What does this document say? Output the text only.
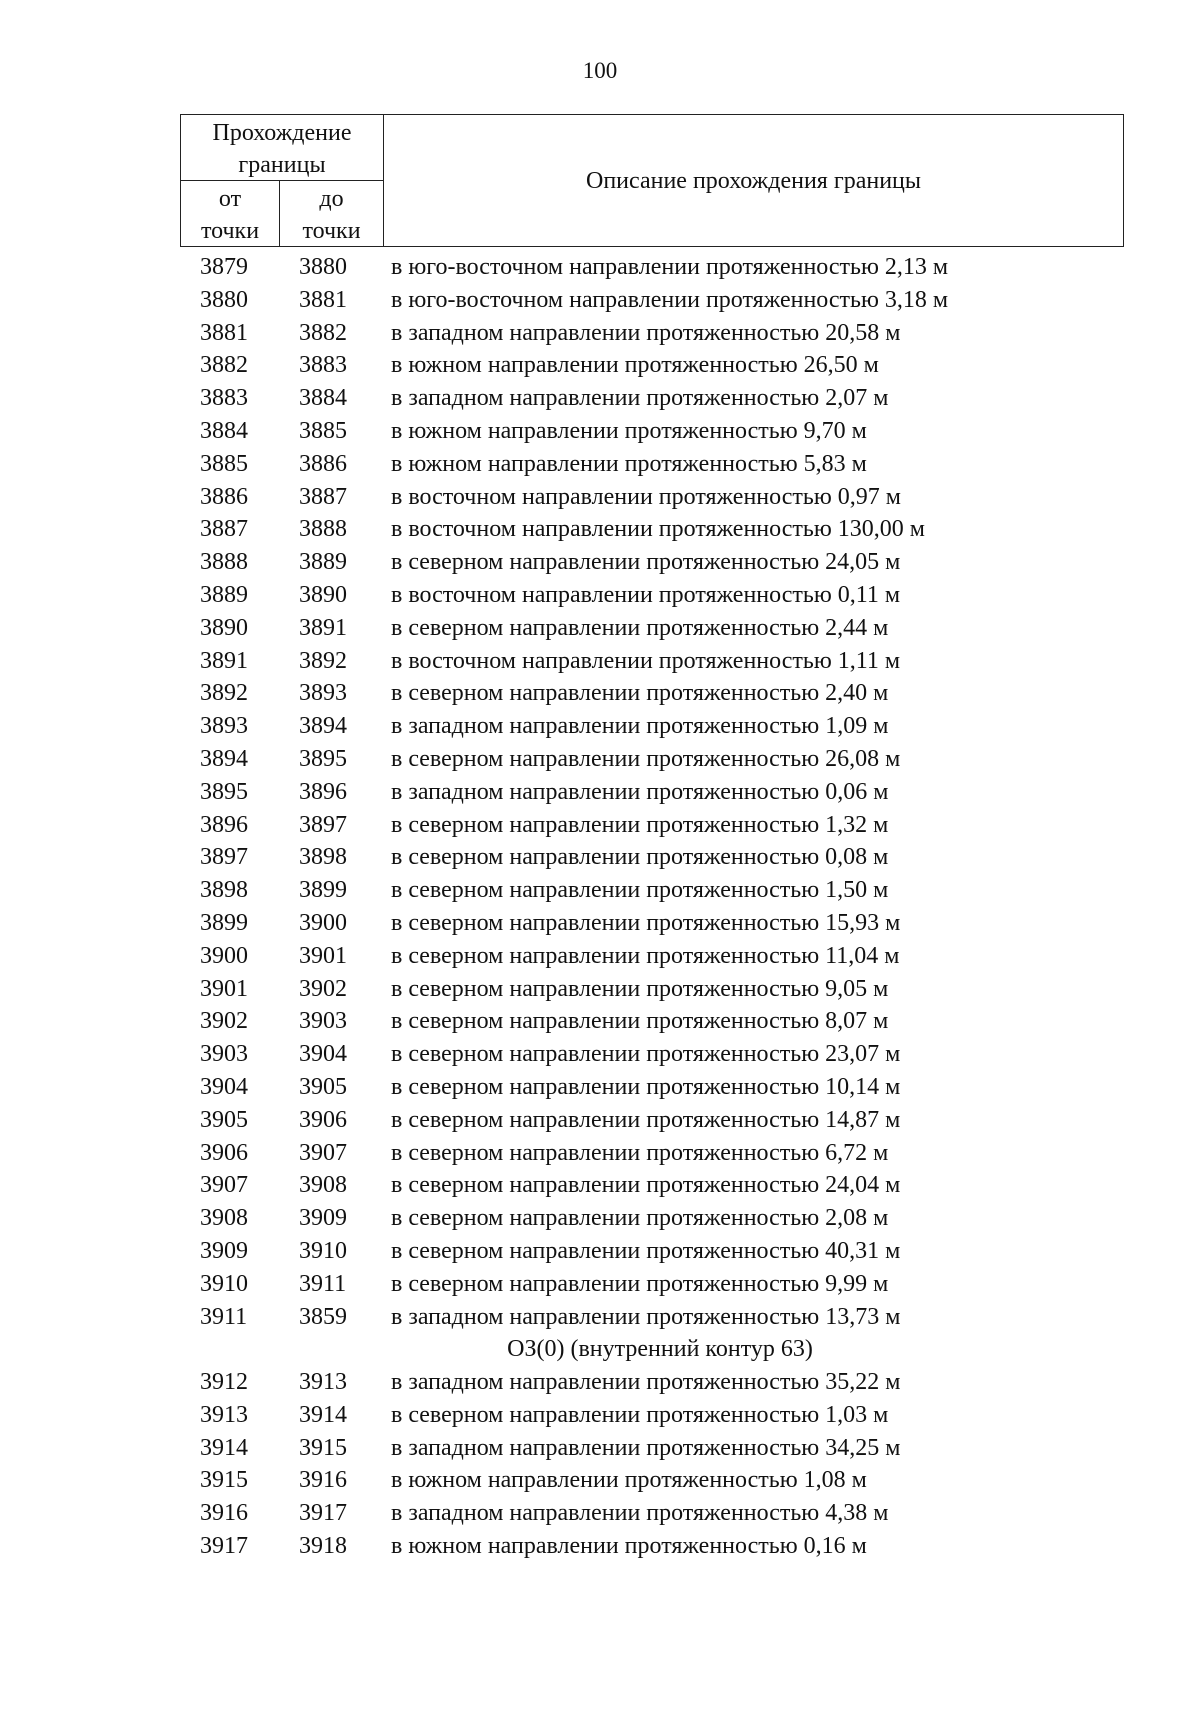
100
Прохождение
границы
от
точки
до
точки
Описание прохождения границы
3879	3880	в юго-восточном направлении протяженностью 2,13 м
3880	3881	в юго-восточном направлении протяженностью 3,18 м
3881	3882	в западном направлении протяженностью 20,58 м
3882	3883	в южном направлении протяженностью 26,50 м
3883	3884	в западном направлении протяженностью 2,07 м
3884	3885	в южном направлении протяженностью 9,70 м
3885	3886	в южном направлении протяженностью 5,83 м
3886	3887	в восточном направлении протяженностью 0,97 м
3887	3888	в восточном направлении протяженностью 130,00 м
3888	3889	в северном направлении протяженностью 24,05 м
3889	3890	в восточном направлении протяженностью 0,11 м
3890	3891	в северном направлении протяженностью 2,44 м
3891	3892	в восточном направлении протяженностью 1,11 м
3892	3893	в северном направлении протяженностью 2,40 м
3893	3894	в западном направлении протяженностью 1,09 м
3894	3895	в северном направлении протяженностью 26,08 м
3895	3896	в западном направлении протяженностью 0,06 м
3896	3897	в северном направлении протяженностью 1,32 м
3897	3898	в северном направлении протяженностью 0,08 м
3898	3899	в северном направлении протяженностью 1,50 м
3899	3900	в северном направлении протяженностью 15,93 м
3900	3901	в северном направлении протяженностью 11,04 м
3901	3902	в северном направлении протяженностью 9,05 м
3902	3903	в северном направлении протяженностью 8,07 м
3903	3904	в северном направлении протяженностью 23,07 м
3904	3905	в северном направлении протяженностью 10,14 м
3905	3906	в северном направлении протяженностью 14,87 м
3906	3907	в северном направлении протяженностью 6,72 м
3907	3908	в северном направлении протяженностью 24,04 м
3908	3909	в северном направлении протяженностью 2,08 м
3909	3910	в северном направлении протяженностью 40,31 м
3910	3911	в северном направлении протяженностью 9,99 м
3911	3859	в западном направлении протяженностью 13,73 м
ОЗ(0) (внутренний контур 63)
3912	3913	в западном направлении протяженностью 35,22 м
3913	3914	в северном направлении протяженностью 1,03 м
3914	3915	в западном направлении протяженностью 34,25 м
3915	3916	в южном направлении протяженностью 1,08 м
3916	3917	в западном направлении протяженностью 4,38 м
3917	3918	в южном направлении протяженностью 0,16 м
